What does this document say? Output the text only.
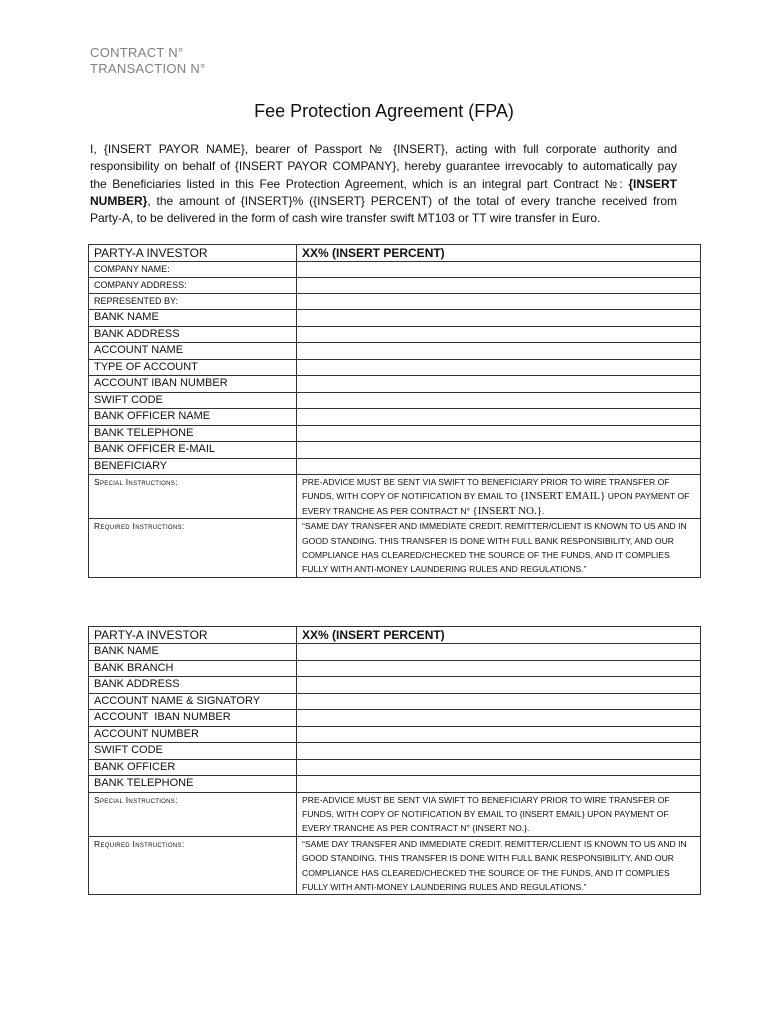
CONTRACT N°
TRANSACTION N°
Fee Protection Agreement (FPA)
I, {INSERT PAYOR NAME}, bearer of Passport № {INSERT}, acting with full corporate authority and responsibility on behalf of {INSERT PAYOR COMPANY}, hereby guarantee irrevocably to automatically pay the Beneficiaries listed in this Fee Protection Agreement, which is an integral part Contract №: {INSERT NUMBER}, the amount of {INSERT}% ({INSERT} PERCENT) of the total of every tranche received from Party-A, to be delivered in the form of cash wire transfer swift MT103 or TT wire transfer in Euro.
PARTY-A INVESTOR	XX% (INSERT PERCENT)
COMPANY NAME:	
COMPANY ADDRESS:	
REPRESENTED BY:	
BANK NAME	
BANK ADDRESS	
ACCOUNT NAME	
TYPE OF ACCOUNT	
ACCOUNT IBAN NUMBER	
SWIFT CODE	
BANK OFFICER NAME	
BANK TELEPHONE	
BANK OFFICER E-MAIL	
BENEFICIARY	
Special Instructions:	PRE-ADVICE MUST BE SENT VIA SWIFT TO BENEFICIARY PRIOR TO WIRE TRANSFER OF FUNDS, WITH COPY OF NOTIFICATION BY EMAIL TO {INSERT EMAIL} UPON PAYMENT OF EVERY TRANCHE AS PER CONTRACT N° {INSERT NO.}.
Required Instructions:	“SAME DAY TRANSFER AND IMMEDIATE CREDIT. REMITTER/CLIENT IS KNOWN TO US AND IN GOOD STANDING. THIS TRANSFER IS DONE WITH FULL BANK RESPONSIBILITY, AND OUR COMPLIANCE HAS CLEARED/CHECKED THE SOURCE OF THE FUNDS, AND IT COMPLIES FULLY WITH ANTI-MONEY LAUNDERING RULES AND REGULATIONS.”
PARTY-A INVESTOR	XX% (INSERT PERCENT)
BANK NAME	
BANK BRANCH	
BANK ADDRESS	
ACCOUNT NAME & SIGNATORY	
ACCOUNT  IBAN NUMBER	
ACCOUNT NUMBER	
SWIFT CODE	
BANK OFFICER	
BANK TELEPHONE	
Special Instructions:	PRE-ADVICE MUST BE SENT VIA SWIFT TO BENEFICIARY PRIOR TO WIRE TRANSFER OF FUNDS, WITH COPY OF NOTIFICATION BY EMAIL TO {INSERT EMAIL} UPON PAYMENT OF EVERY TRANCHE AS PER CONTRACT N° {INSERT NO.}.
Required Instructions:	“SAME DAY TRANSFER AND IMMEDIATE CREDIT. REMITTER/CLIENT IS KNOWN TO US AND IN GOOD STANDING. THIS TRANSFER IS DONE WITH FULL BANK RESPONSIBILITY, AND OUR COMPLIANCE HAS CLEARED/CHECKED THE SOURCE OF THE FUNDS, AND IT COMPLIES FULLY WITH ANTI-MONEY LAUNDERING RULES AND REGULATIONS.”
